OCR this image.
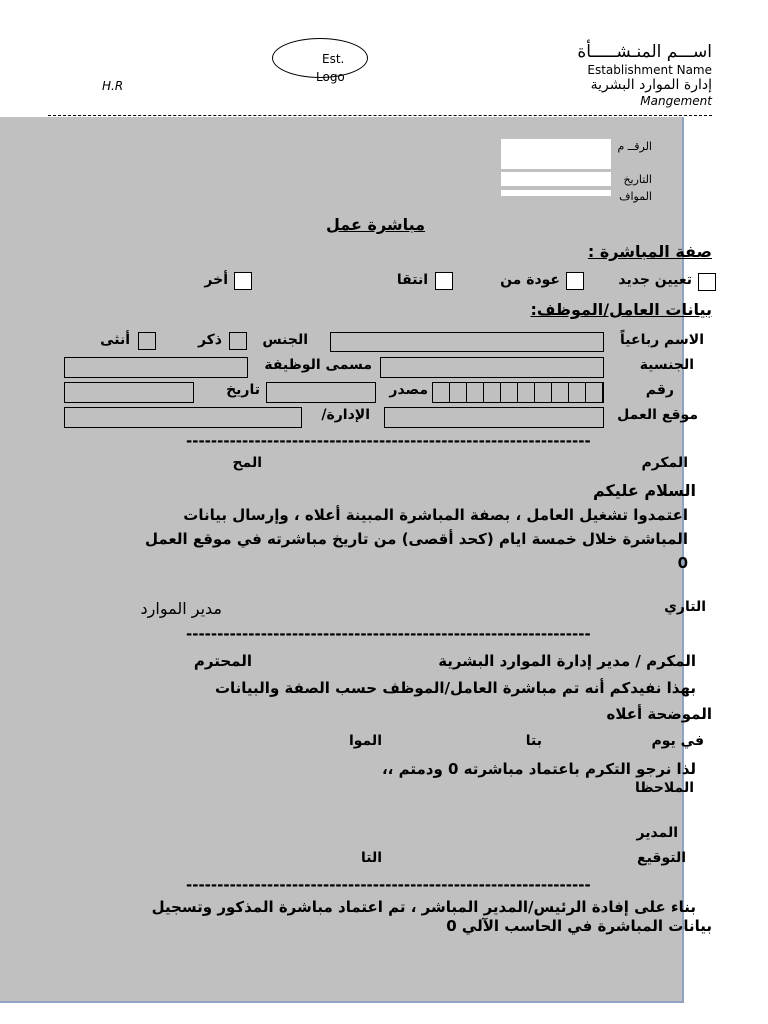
اســـم المنـشـــــأة
Establishment Name
إدارة الموارد البشرية
Mangement
H.R
Est.
Logo
الرقــ م
التاريخ
المواف
مباشرة عمل
صفة المباشرة :
تعيين جديد
عودة من
انتقا
أخر
بيانات العامل/الموظف:
الاسم رباعياً
الجنس
ذكر
أنثى
الجنسية
مسمى الوظيفة
رقم
مصدر
تاريخ
موقع العمل
الإدارة/
-----------------------------------------------------------------
المكرم
المح
السلام عليكم
اعتمدوا تشغيل العامل ، بصفة المباشرة المبينة أعلاه ، وإرسال بيانات
المباشرة خلال خمسة ايام (كحد أقصى) من تاريخ مباشرته في موقع العمل
0
التاري
مدير الموارد
-----------------------------------------------------------------
المكرم / مدير إدارة الموارد البشرية
المحترم
بهذا نفيدكم أنه تم مباشرة العامل/الموظف حسب الصفة والبيانات
الموضحة أعلاه
في يوم
بتا
الموا
لذا نرجو التكرم باعتماد مباشرته 0 ودمتم ،،
الملاحظا
المدير
التوقيع
التا
-----------------------------------------------------------------
بناء على إفادة الرئيس/المدير المباشر ، تم اعتماد مباشرة المذكور وتسجيل
بيانات المباشرة في الحاسب الآلي 0
